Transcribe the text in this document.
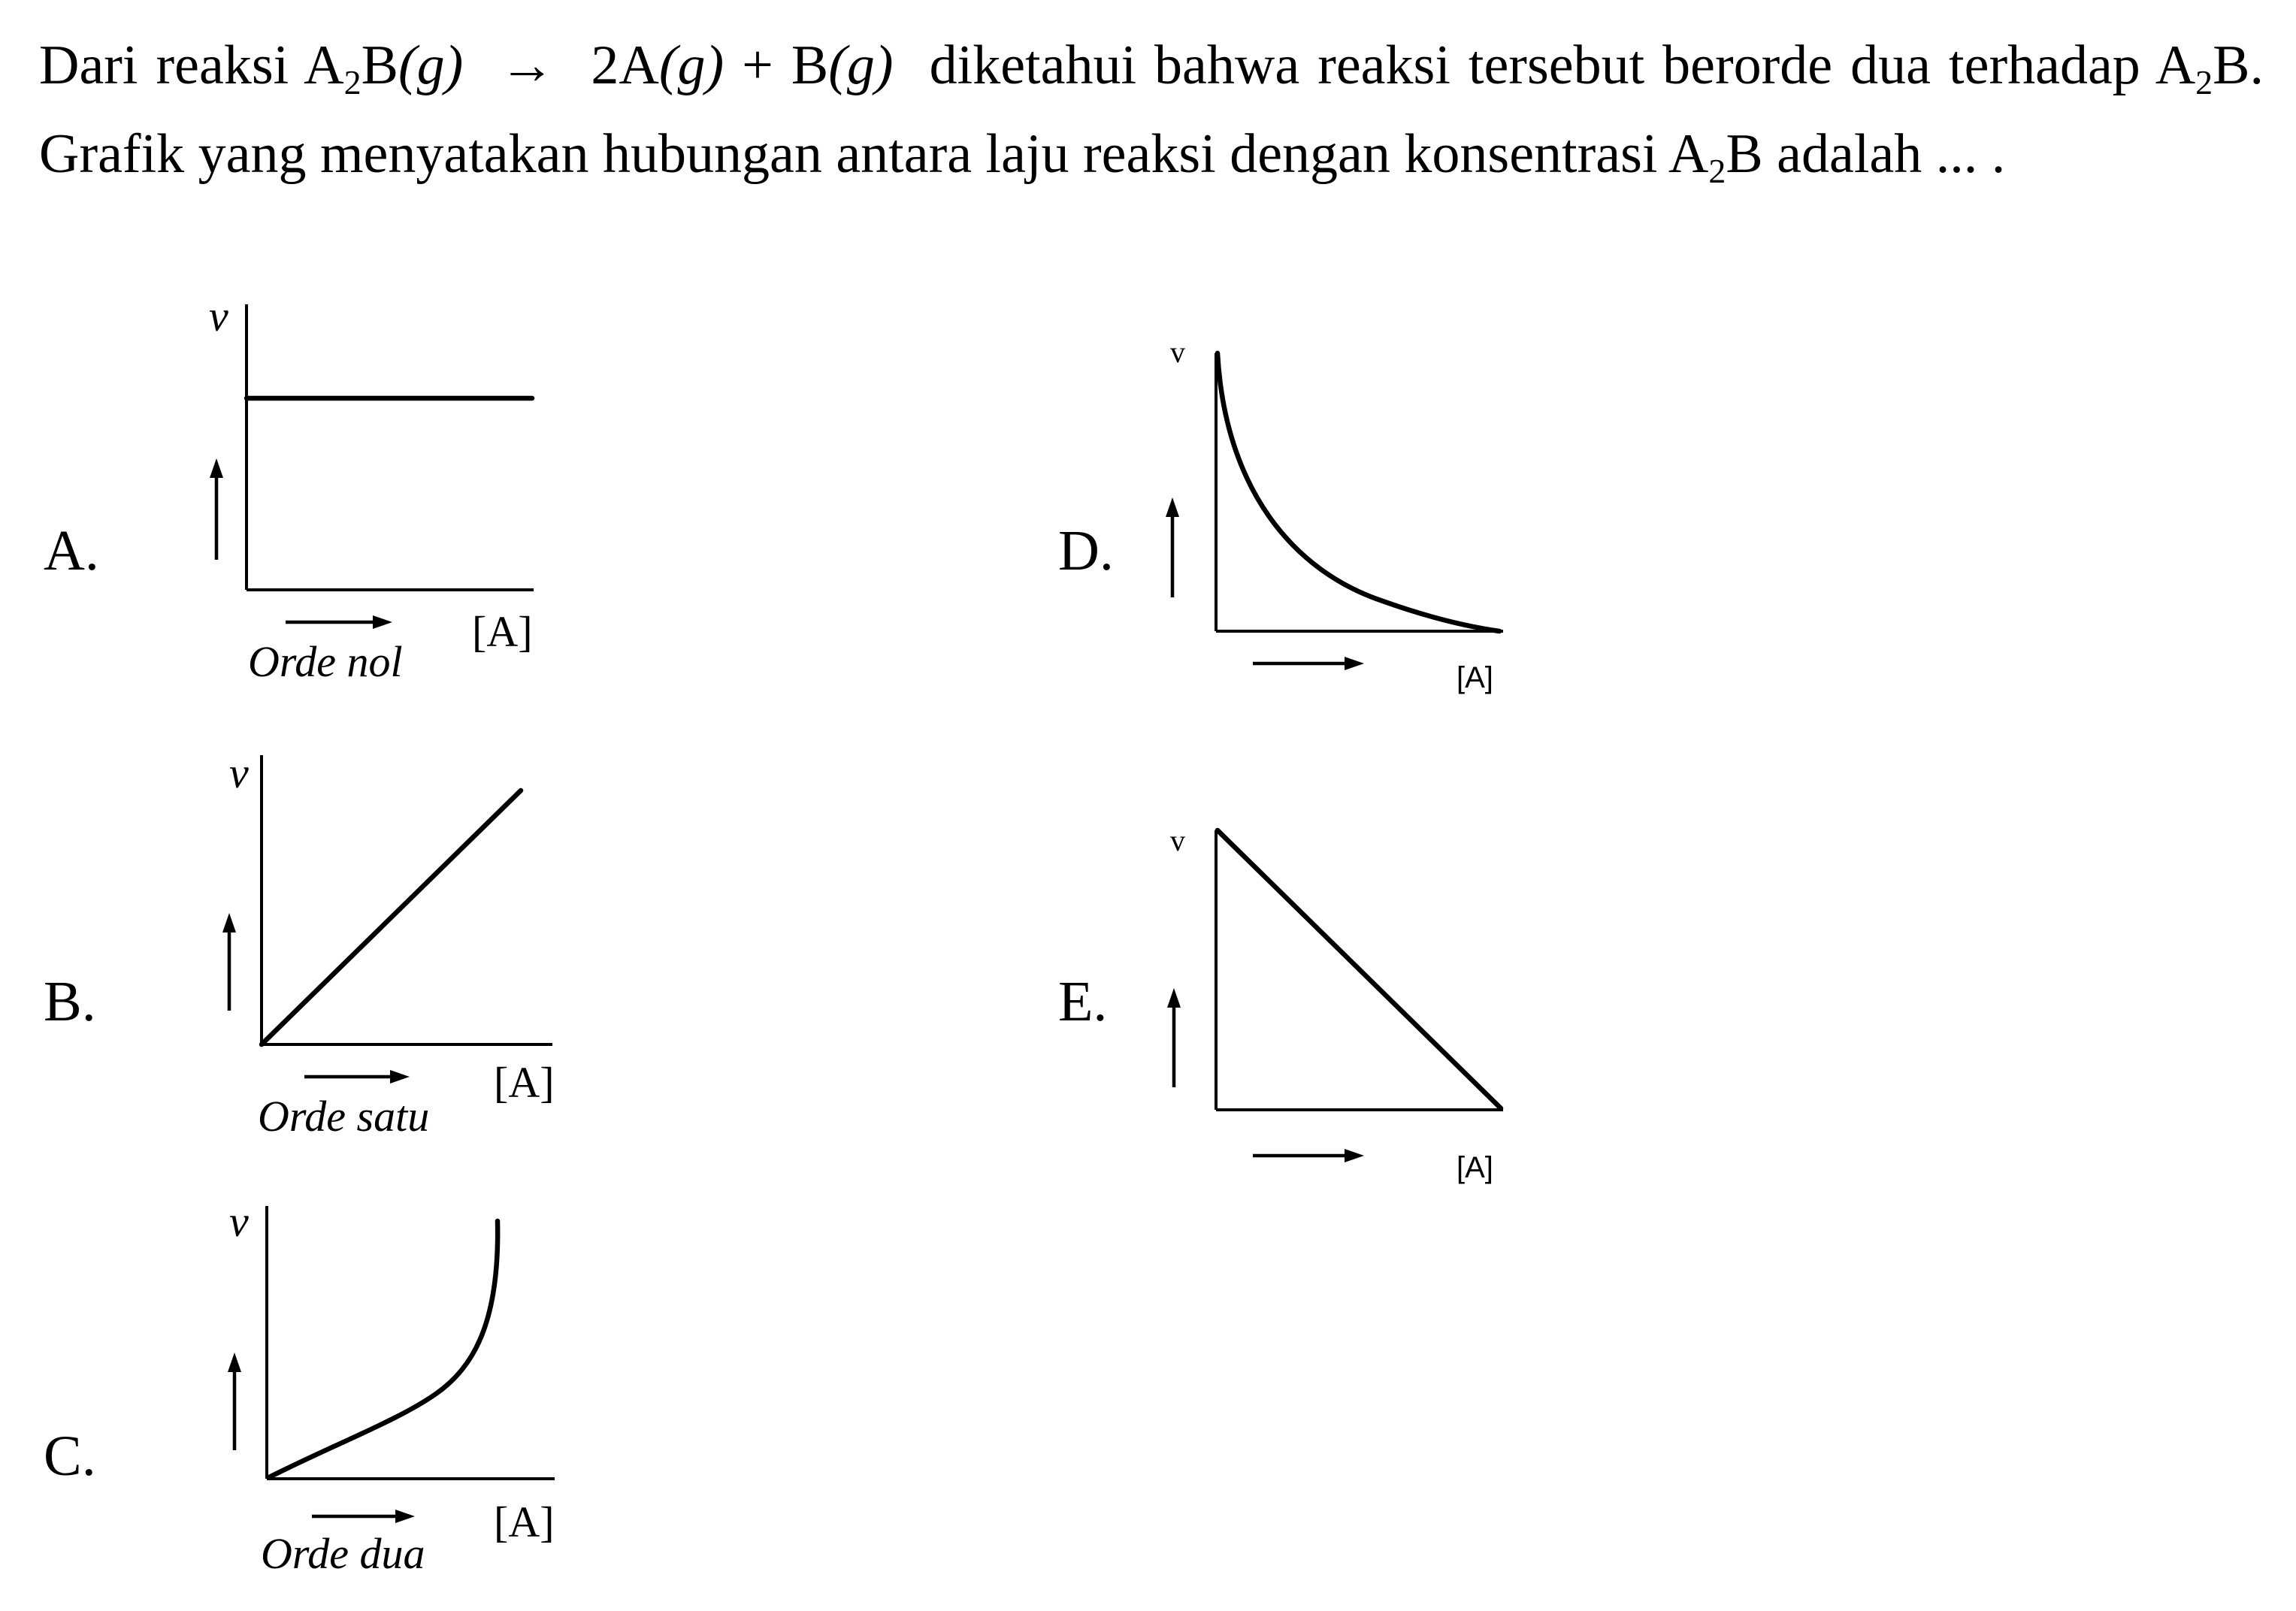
Dari reaksi $A_2B(g) \to 2A(g) + B(g)$ diketahui bahwa reaksi tersebut berorde dua terhadap $A_2B$. Grafik yang menyatakan hubungan antara laju reaksi dengan konsentrasi $A_2B$ adalah ... .
A.
v
Orde nol
[A]
B.
v
Orde satu
[A]
C.
v
Orde dua
[A]
D.
v
[A]
E.
v
[A]
